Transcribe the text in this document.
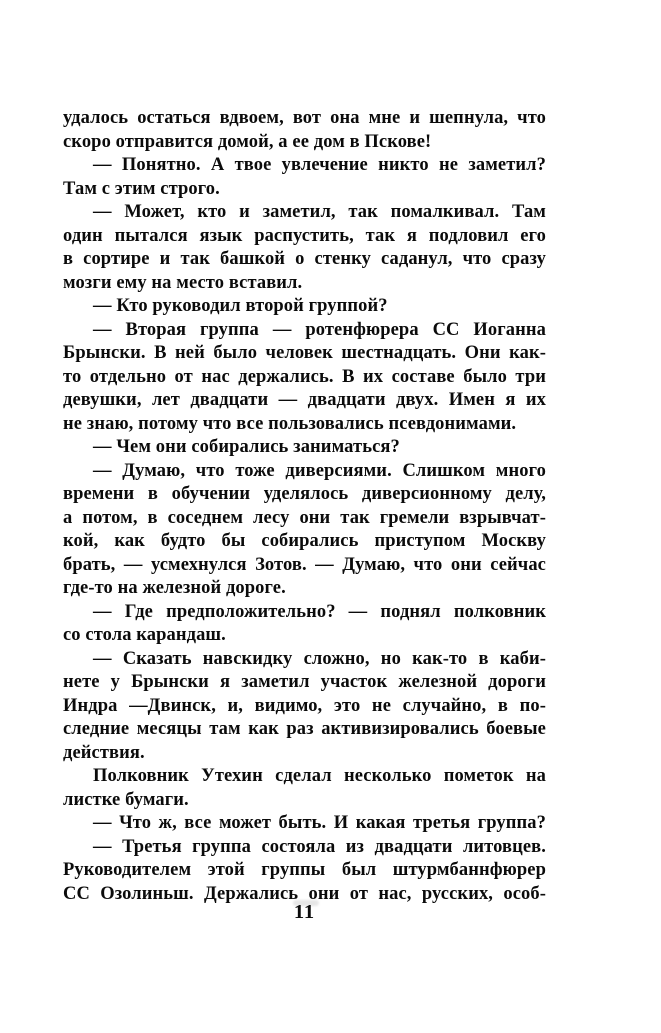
удалось остаться вдвоем, вот она мне и шепнула, что
скоро отправится домой, а ее дом в Пскове!
— Понятно. А твое увлечение никто не заметил?
Там с этим строго.
— Может, кто и заметил, так помалкивал. Там
один пытался язык распустить, так я подловил его
в сортире и так башкой о стенку саданул, что сразу
мозги ему на место вставил.
— Кто руководил второй группой?
— Вторая группа — ротенфюрера СС Иоганна
Брынски. В ней было человек шестнадцать. Они как-
то отдельно от нас держались. В их составе было три
девушки, лет двадцати — двадцати двух. Имен я их
не знаю, потому что все пользовались псевдонимами.
— Чем они собирались заниматься?
— Думаю, что тоже диверсиями. Слишком много
времени в обучении уделялось диверсионному делу,
а потом, в соседнем лесу они так гремели взрывчат-
кой, как будто бы собирались приступом Москву
брать, — усмехнулся Зотов. — Думаю, что они сейчас
где-то на железной дороге.
— Где предположительно? — поднял полковник
со стола карандаш.
— Сказать навскидку сложно, но как-то в каби-
нете у Брынски я заметил участок железной дороги
Индра —Двинск, и, видимо, это не случайно, в по-
следние месяцы там как раз активизировались боевые
действия.
Полковник Утехин сделал несколько пометок на
листке бумаги.
— Что ж, все может быть. И какая третья группа?
— Третья группа состояла из двадцати литовцев.
Руководителем этой группы был штурмбаннфюрер
СС Озолиньш. Держались они от нас, русских, особ-
11
